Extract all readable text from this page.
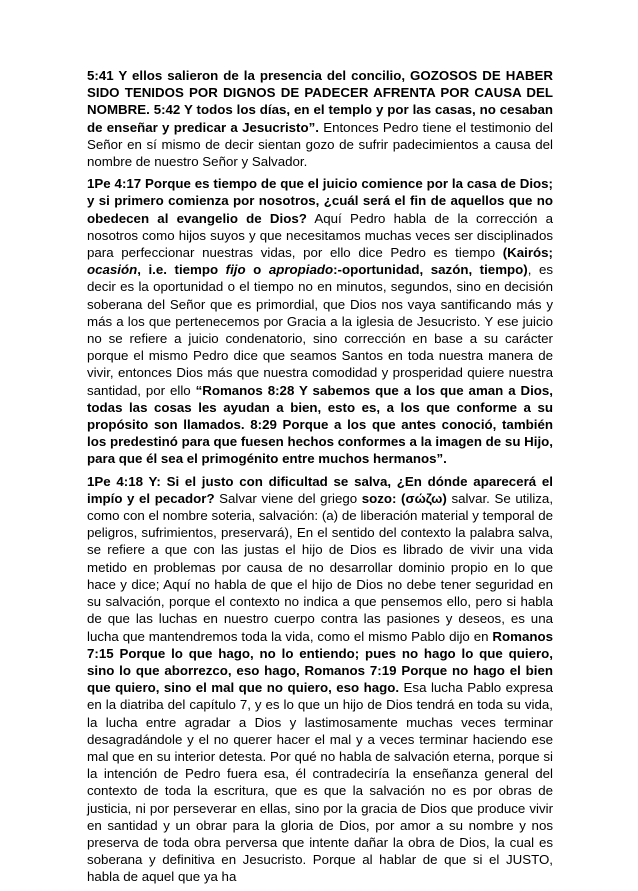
5:41 Y ellos salieron de la presencia del concilio, GOZOSOS DE HABER SIDO TENIDOS POR DIGNOS DE PADECER AFRENTA POR CAUSA DEL NOMBRE. 5:42 Y todos los días, en el templo y por las casas, no cesaban de enseñar y predicar a Jesucristo”. Entonces Pedro tiene el testimonio del Señor en sí mismo de decir sientan gozo de sufrir padecimientos a causa del nombre de nuestro Señor y Salvador.

1Pe 4:17 Porque es tiempo de que el juicio comience por la casa de Dios; y si primero comienza por nosotros, ¿cuál será el fin de aquellos que no obedecen al evangelio de Dios? Aquí Pedro habla de la corrección a nosotros como hijos suyos y que necesitamos muchas veces ser disciplinados para perfeccionar nuestras vidas, por ello dice Pedro es tiempo (Kairós; ocasión, i.e. tiempo fijo o apropiado:-oportunidad, sazón, tiempo), es decir es la oportunidad o el tiempo no en minutos, segundos, sino en decisión soberana del Señor que es primordial, que Dios nos vaya santificando más y más a los que pertenecemos por Gracia a la iglesia de Jesucristo. Y ese juicio no se refiere a juicio condenatorio, sino corrección en base a su carácter porque el mismo Pedro dice que seamos Santos en toda nuestra manera de vivir, entonces Dios más que nuestra comodidad y prosperidad quiere nuestra santidad, por ello “Romanos 8:28 Y sabemos que a los que aman a Dios, todas las cosas les ayudan a bien, esto es, a los que conforme a su propósito son llamados. 8:29 Porque a los que antes conoció, también los predestinó para que fuesen hechos conformes a la imagen de su Hijo, para que él sea el primogénito entre muchos hermanos”.

1Pe 4:18 Y: Si el justo con dificultad se salva, ¿En dónde aparecerá el impío y el pecador? Salvar viene del griego sozo: (σώζω) salvar. Se utiliza, como con el nombre soteria, salvación: (a) de liberación material y temporal de peligros, sufrimientos, preservará), En el sentido del contexto la palabra salva, se refiere a que con las justas el hijo de Dios es librado de vivir una vida metido en problemas por causa de no desarrollar dominio propio en lo que hace y dice; Aquí no habla de que el hijo de Dios no debe tener seguridad en su salvación, porque el contexto no indica a que pensemos ello, pero si habla de que las luchas en nuestro cuerpo contra las pasiones y deseos, es una lucha que mantendremos toda la vida, como el mismo Pablo dijo en Romanos 7:15 Porque lo que hago, no lo entiendo; pues no hago lo que quiero, sino lo que aborrezco, eso hago, Romanos 7:19 Porque no hago el bien que quiero, sino el mal que no quiero, eso hago. Esa lucha Pablo expresa en la diatriba del capítulo 7, y es lo que un hijo de Dios tendrá en toda su vida, la lucha entre agradar a Dios y lastimosamente muchas veces terminar desagradándole y el no querer hacer el mal y a veces terminar haciendo ese mal que en su interior detesta. Por qué no habla de salvación eterna, porque si la intención de Pedro fuera esa, él contradeciría la enseñanza general del contexto de toda la escritura, que es que la salvación no es por obras de justicia, ni por perseverar en ellas, sino por la gracia de Dios que produce vivir en santidad y un obrar para la gloria de Dios, por amor a su nombre y nos preserva de toda obra perversa que intente dañar la obra de Dios, la cual es soberana y definitiva en Jesucristo. Porque al hablar de que si el JUSTO, habla de aquel que ya ha
